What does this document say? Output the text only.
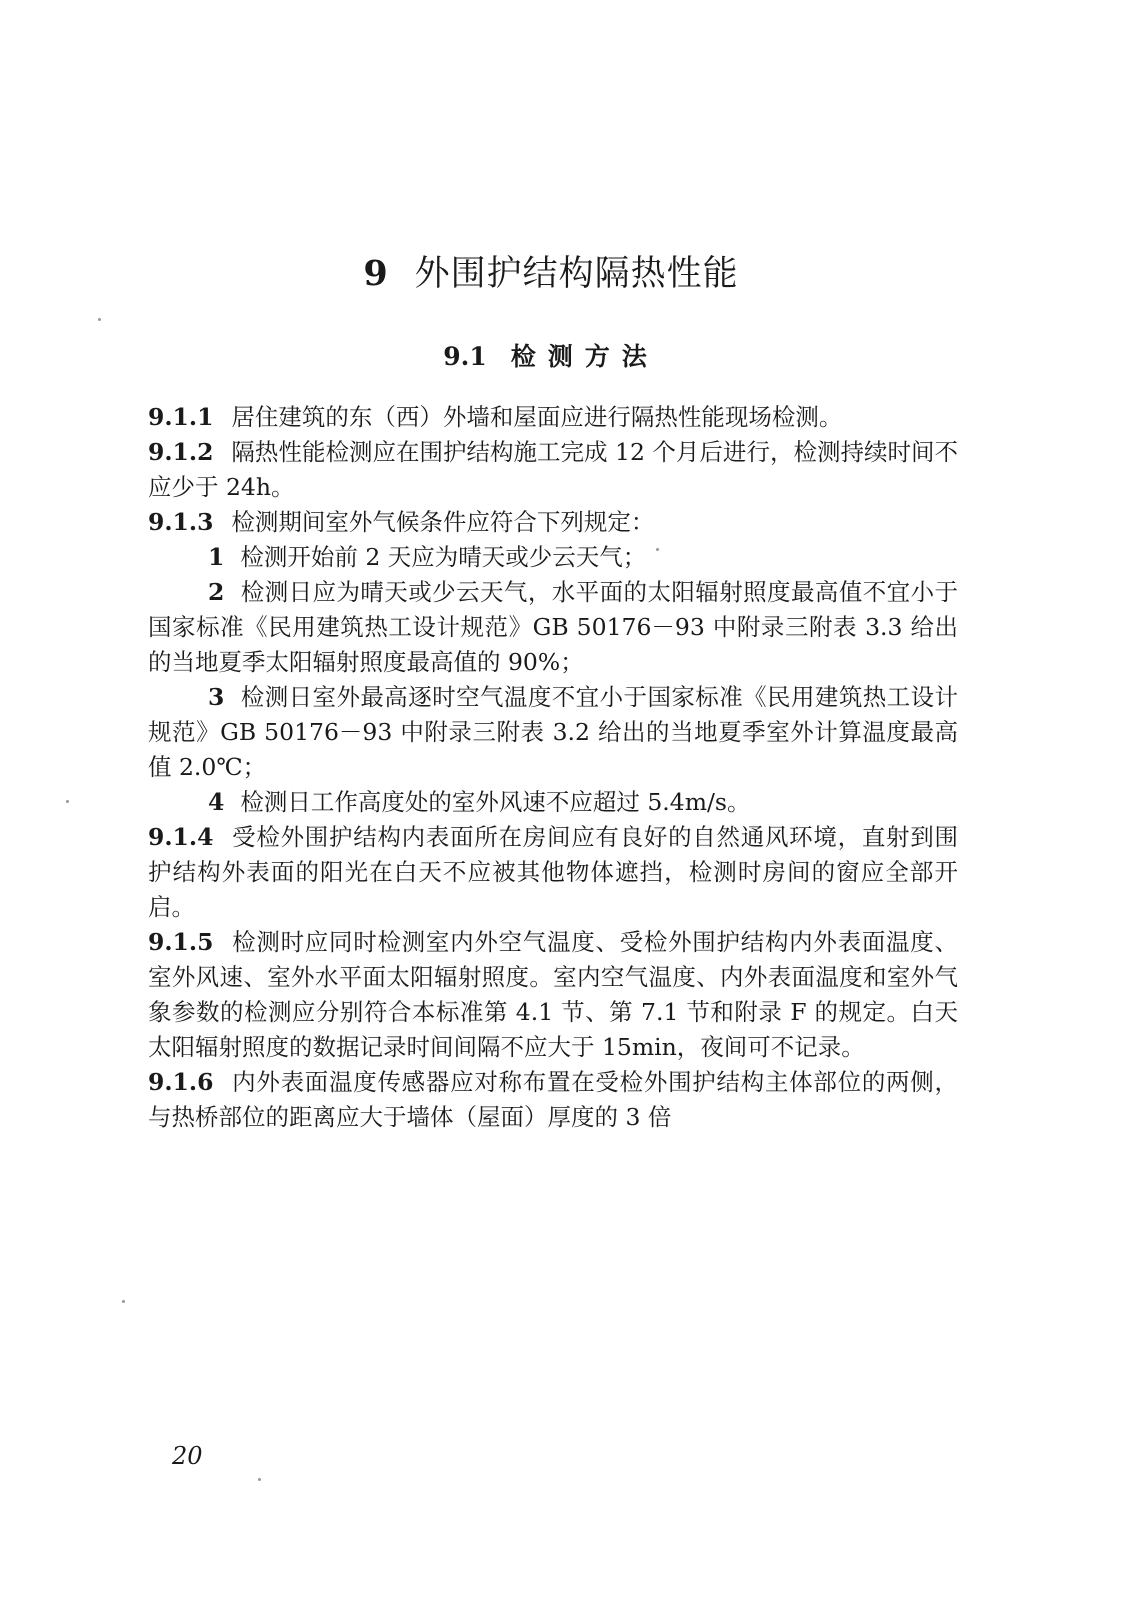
9 外围护结构隔热性能
9.1 检测方法

9.1.1 居住建筑的东（西）外墙和屋面应进行隔热性能现场检测。

9.1.2 隔热性能检测应在围护结构施工完成 12 个月后进行，检测持续时间不应少于 24h。

9.1.3 检测期间室外气候条件应符合下列规定：

1 检测开始前 2 天应为晴天或少云天气；

2 检测日应为晴天或少云天气，水平面的太阳辐射照度最高值不宜小于国家标准《民用建筑热工设计规范》GB 50176－93 中附录三附表 3.3 给出的当地夏季太阳辐射照度最高值的 90%；

3 检测日室外最高逐时空气温度不宜小于国家标准《民用建筑热工设计规范》GB 50176－93 中附录三附表 3.2 给出的当地夏季室外计算温度最高值 2.0℃；

4 检测日工作高度处的室外风速不应超过 5.4m/s。

9.1.4 受检外围护结构内表面所在房间应有良好的自然通风环境，直射到围护结构外表面的阳光在白天不应被其他物体遮挡，检测时房间的窗应全部开启。

9.1.5 检测时应同时检测室内外空气温度、受检外围护结构内外表面温度、室外风速、室外水平面太阳辐射照度。室内空气温度、内外表面温度和室外气象参数的检测应分别符合本标准第 4.1 节、第 7.1 节和附录 F 的规定。白天太阳辐射照度的数据记录时间间隔不应大于 15min，夜间可不记录。

9.1.6 内外表面温度传感器应对称布置在受检外围护结构主体部位的两侧，与热桥部位的距离应大于墙体（屋面）厚度的 3 倍

20
